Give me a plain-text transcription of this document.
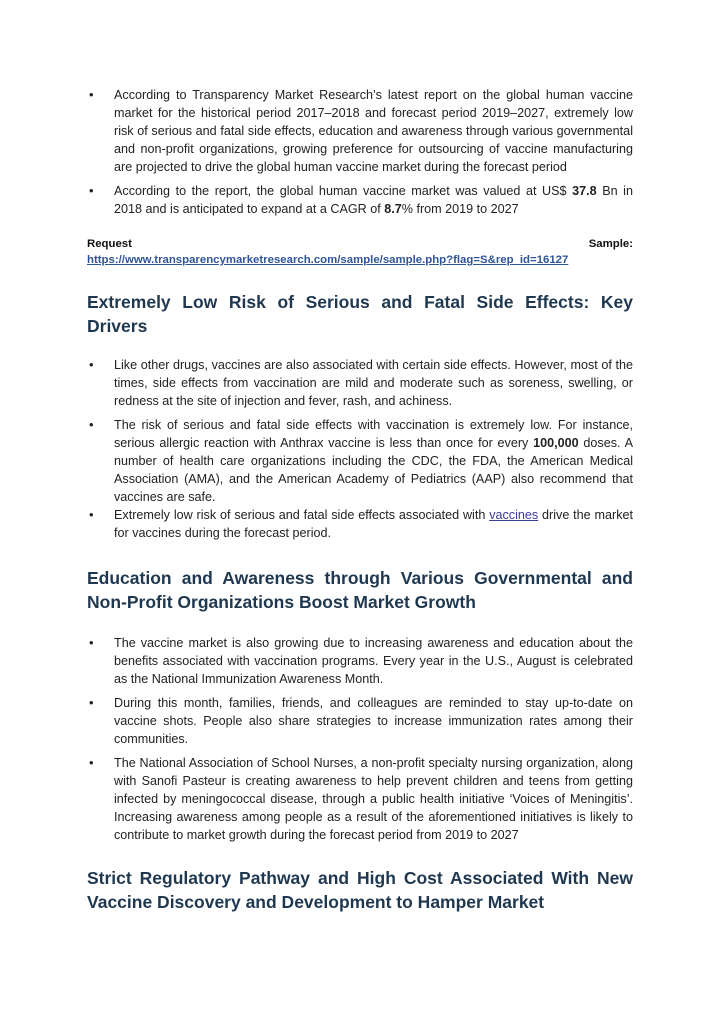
• According to Transparency Market Research’s latest report on the global human vaccine market for the historical period 2017–2018 and forecast period 2019–2027, extremely low risk of serious and fatal side effects, education and awareness through various governmental and non-profit organizations, growing preference for outsourcing of vaccine manufacturing are projected to drive the global human vaccine market during the forecast period
• According to the report, the global human vaccine market was valued at US$ 37.8 Bn in 2018 and is anticipated to expand at a CAGR of 8.7% from 2019 to 2027
Request	Sample:
https://www.transparencymarketresearch.com/sample/sample.php?flag=S&rep_id=16127
Extremely Low Risk of Serious and Fatal Side Effects: Key Drivers
• Like other drugs, vaccines are also associated with certain side effects. However, most of the times, side effects from vaccination are mild and moderate such as soreness, swelling, or redness at the site of injection and fever, rash, and achiness.
• The risk of serious and fatal side effects with vaccination is extremely low. For instance, serious allergic reaction with Anthrax vaccine is less than once for every 100,000 doses. A number of health care organizations including the CDC, the FDA, the American Medical Association (AMA), and the American Academy of Pediatrics (AAP) also recommend that vaccines are safe.
• Extremely low risk of serious and fatal side effects associated with vaccines drive the market for vaccines during the forecast period.
Education and Awareness through Various Governmental and Non-Profit Organizations Boost Market Growth
• The vaccine market is also growing due to increasing awareness and education about the benefits associated with vaccination programs. Every year in the U.S., August is celebrated as the National Immunization Awareness Month.
• During this month, families, friends, and colleagues are reminded to stay up-to-date on vaccine shots. People also share strategies to increase immunization rates among their communities.
• The National Association of School Nurses, a non-profit specialty nursing organization, along with Sanofi Pasteur is creating awareness to help prevent children and teens from getting infected by meningococcal disease, through a public health initiative ‘Voices of Meningitis’. Increasing awareness among people as a result of the aforementioned initiatives is likely to contribute to market growth during the forecast period from 2019 to 2027
Strict Regulatory Pathway and High Cost Associated With New Vaccine Discovery and Development to Hamper Market
